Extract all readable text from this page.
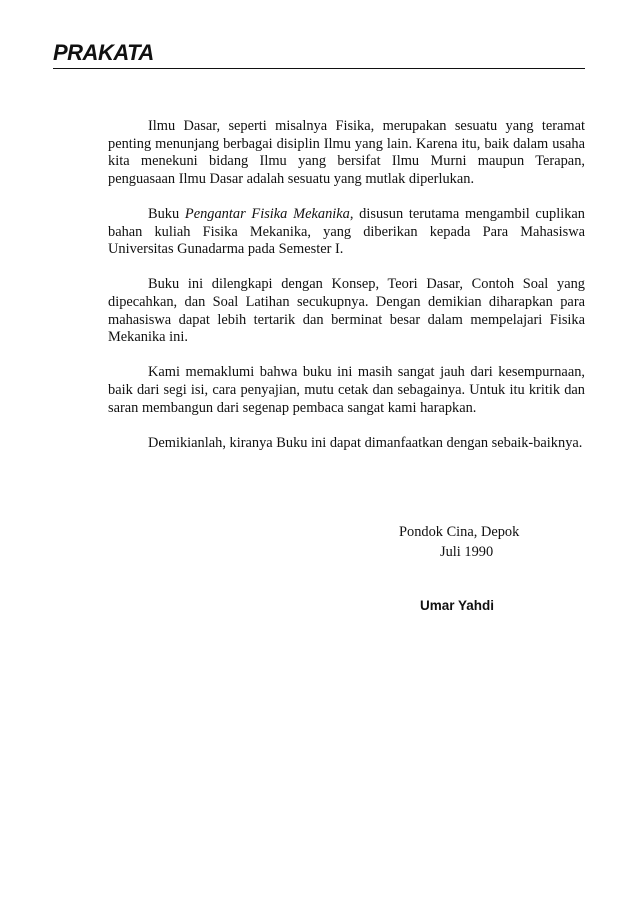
PRAKATA

Ilmu Dasar, seperti misalnya Fisika, merupakan sesuatu yang teramat penting menunjang berbagai disiplin Ilmu yang lain. Karena itu, baik dalam usaha kita menekuni bidang Ilmu yang bersifat Ilmu Murni maupun Terapan, penguasaan Ilmu Dasar adalah sesuatu yang mutlak diperlukan.

Buku Pengantar Fisika Mekanika, disusun terutama mengambil cuplikan bahan kuliah Fisika Mekanika, yang diberikan kepada Para Mahasiswa Universitas Gunadarma pada Semester I.

Buku ini dilengkapi dengan Konsep, Teori Dasar, Contoh Soal yang dipecahkan, dan Soal Latihan secukupnya. Dengan demikian diharapkan para mahasiswa dapat lebih tertarik dan berminat besar dalam mempelajari Fisika Mekanika ini.

Kami memaklumi bahwa buku ini masih sangat jauh dari kesempurnaan, baik dari segi isi, cara penyajian, mutu cetak dan sebagainya. Untuk itu kritik dan saran membangun dari segenap pembaca sangat kami harapkan.

Demikianlah, kiranya Buku ini dapat dimanfaatkan dengan sebaik-baiknya.

Pondok Cina, Depok

Juli 1990

Umar Yahdi
